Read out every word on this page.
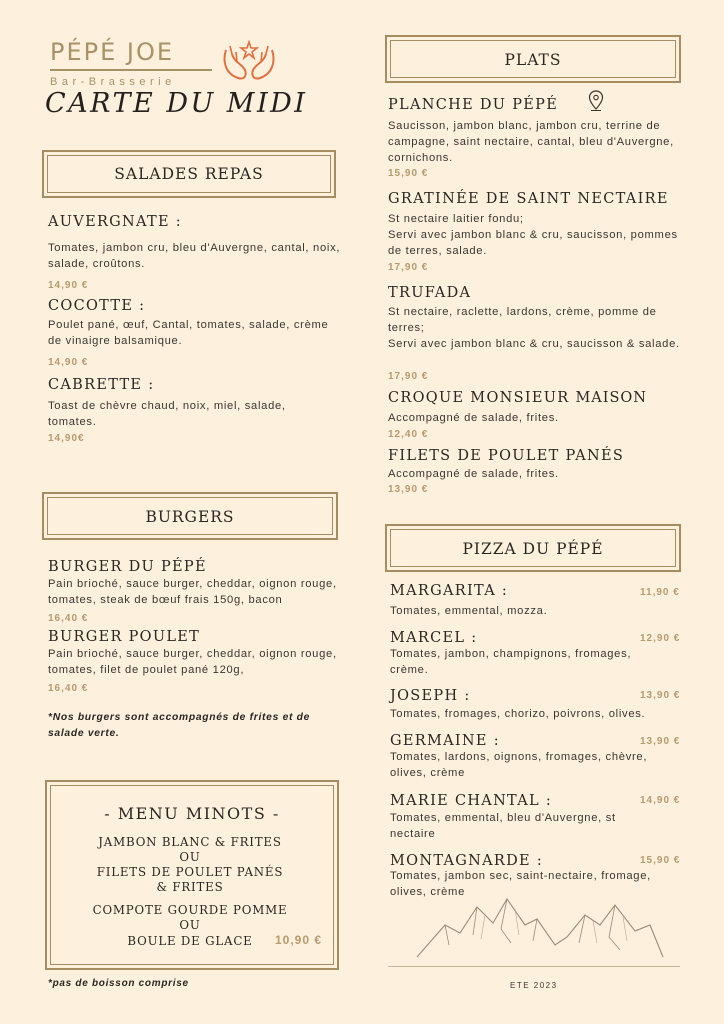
PÉPÉ JOE
Bar-Brasserie
CARTE DU MIDI
SALADES REPAS
AUVERGNATE :
Tomates, jambon cru, bleu d'Auvergne, cantal, noix, salade, croûtons.
14,90 €
COCOTTE :
Poulet pané, œuf, Cantal, tomates, salade, crème de vinaigre balsamique.
14,90 €
CABRETTE :
Toast de chèvre chaud, noix, miel, salade, tomates.
14,90€
BURGERS
BURGER DU PÉPÉ
Pain brioché, sauce burger, cheddar, oignon rouge, tomates, steak de bœuf frais 150g, bacon
16,40 €
BURGER POULET
Pain brioché, sauce burger, cheddar, oignon rouge, tomates, filet de poulet pané 120g,
16,40 €
*Nos burgers sont accompagnés de frites et de salade verte.
- MENU MINOTS -
JAMBON BLANC & FRITES
OU
FILETS DE POULET PANÉS
& FRITES
COMPOTE GOURDE POMME
OU
BOULE DE GLACE	10,90 €
*pas de boisson comprise
PLATS
PLANCHE DU PÉPÉ
Saucisson, jambon blanc, jambon cru, terrine de campagne, saint nectaire, cantal, bleu d'Auvergne, cornichons.
15,90 €
GRATINÉE DE SAINT NECTAIRE
St nectaire laitier fondu;
Servi avec jambon blanc & cru, saucisson, pommes de terres, salade.
17,90 €
TRUFADA
St nectaire, raclette, lardons, crème, pomme de terres;
Servi avec jambon blanc & cru, saucisson & salade.
17,90 €
CROQUE MONSIEUR MAISON
Accompagné de salade, frites.
12,40 €
FILETS DE POULET PANÉS
Accompagné de salade, frites.
13,90 €
PIZZA DU PÉPÉ
MARGARITA :	11,90 €
Tomates, emmental, mozza.
MARCEL :	12,90 €
Tomates, jambon, champignons, fromages, crème.
JOSEPH :	13,90 €
Tomates, fromages, chorizo, poivrons, olives.
GERMAINE :	13,90 €
Tomates, lardons, oignons, fromages, chèvre, olives, crème
MARIE CHANTAL :	14,90 €
Tomates, emmental, bleu d'Auvergne, st nectaire
MONTAGNARDE :	15,90 €
Tomates, jambon sec, saint-nectaire, fromage, olives, crème
ETE 2023
